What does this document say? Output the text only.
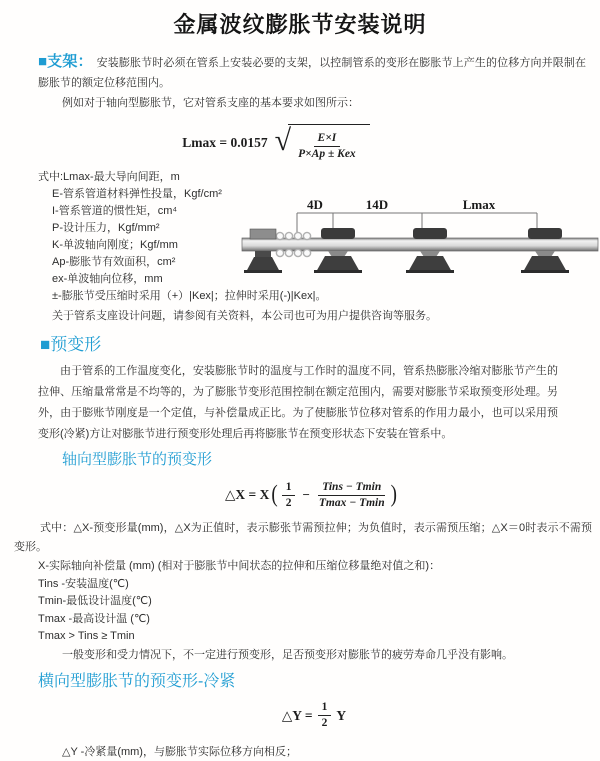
金属波纹膨胀节安装说明

■支架： 安装膨胀节时必须在管系上安装必要的支架，以控制管系的变形在膨胀节上产生的位移方向并限制在膨胀节的额定位移范围内。

例如对于轴向型膨胀节，它对管系支座的基本要求如图所示：

Lmax = 0.0157 √ $\frac{E\times I}{\text{P×Ap ± Kex}}$
式中:Lmax-最大导向间距，m
E-管系管道材料弹性投量，Kgf/cm²
I-管系管道的惯性矩，cm⁴
P-设计压力，Kgf/mm²
K-单波轴向刚度；Kgf/mm
Ap-膨胀节有效面积，cm²
ex-单波轴向位移，mm
±-膨胀节受压缩时采用（+）|Kex|；拉伸时采用(-)|Kex|。
4D	14D	Lmax

关于管系支座设计问题，请参阅有关资料，本公司也可为用户提供咨询等服务。

■预变形

由于管系的工作温度变化，安装膨胀节时的温度与工作时的温度不同，管系热膨胀冷缩对膨胀节产生的拉伸、压缩量常常是不均等的，为了膨胀节变形范围控制在额定范围内，需要对膨胀节采取预变形处理。另外，由于膨账节刚度是一个定值，与补偿量成正比。为了使膨胀节位移对管系的作用力最小，也可以采用预变形(冷紧)方让对膨胀节进行预变形处理后再将膨胀节在预变形状态下安装在管系中。

轴向型膨胀节的预变形
△X = X ( $\frac{1}{2} - \frac{\text{Tins − Tmin}}{Tmax - Tmin}$ )

式中：△X-预变形量(mm)，△X为正值时，表示膨张节需预拉伸；为负值时，表示需预压缩；△X＝0时表示不需预变形。

X-实际轴向补偿量 (mm) (相对于膨胀节中间状态的拉伸和压缩位移量绝对值之和)：
Tins -安装温度(℃)
Tmin-最低设计温度(℃)
Tmax -最高设计温 (℃)
Tmax > Tins ≥ Tmin

一般变形和受力情况下，不一定进行预变形，足否预变形对膨胀节的疲劳寿命几乎没有影响。

横向型膨胀节的预变形-冷紧
△Y = $\frac{1}{2}$ Y

△Y -冷紧量(mm)，与膨胀节实际位移方向相反；
